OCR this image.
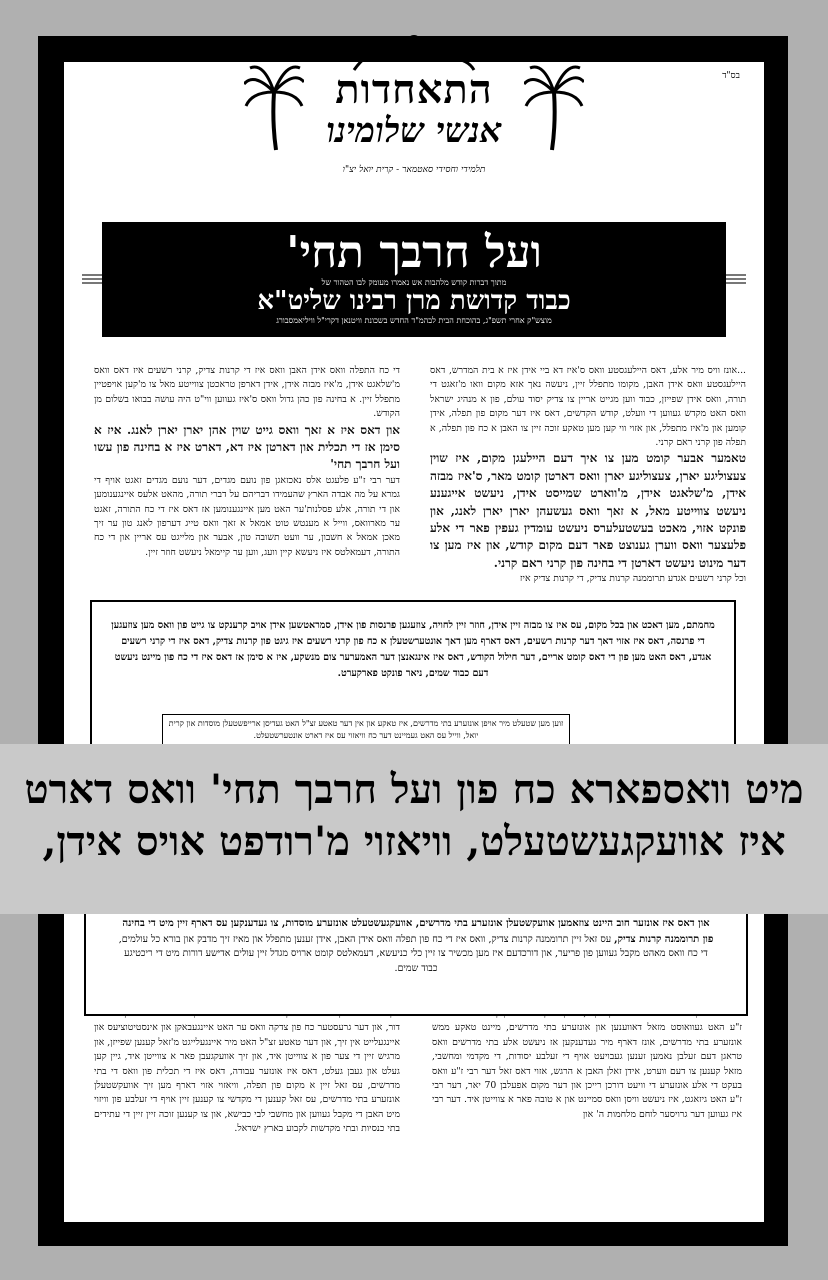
בס"ד
התאחדות
אנשי שלומינו
תלמידי וחסידי סאטמאר - קרית יואל יצ"ו
ועל חרבך תחי'
מתוך דברות קודש מלהבות אש נאמרו מעומק לבו הטהור של
כבוד קדושת מרן רבינו שליט"א
מוצש"ק אחרי תשפ"ג, בהוכחת הבית לבהמ"ד החדש בשכונת וויטנאן דקרי"ל וויליאמסבורג
...אונז וויס מיר אלע, דאס היילעגסטע וואס ס'איז דא ביי אידן איז א בית המדרש, דאס היילעגסטע וואס אידן האבן, מקומו מתפלל זיין, ניעשה נאך אזא מקום וואו מ'זאגט די תורה, וואס אידן שפייזן, כבוד ווען מגייט אריין צו צדיק יסוד עולם, פון א מנהיג ישראל וואס האט מקדש געווען די וועלט, קודש הקדשים, דאס איז דער מקום פון תפלה, אידן קומען און מ'איז מתפלל, און אזוי ווי קען מען טאקע זוכה זיין צו האבן א כח פון תפלה, א תפלה פון קרני ראם קרני.
טאמער אבער קומט מען צו איך דעם היילעגן מקום, איז שוין צעצוליגע יארן, צעצוליגע יארן וואס דארטן קומט מאר, ס'איז מבזה אידן, מ'שלאגט אידן, מ'ווארט שמייסט אידן, ניעשט אייגענע ניעשט צווייטע מאל, א זאך וואס געשעהן יארן יארן לאנג, און פונקט אזוי, מאכט בעשטעלערס ניעשט עומדין געפין פאר די אלע פלעצער וואס ווערן גענוצט פאר דעם מקום קודש, און איז מען צו דער מינוט ניעשט דארטן די בחינה פון קרני ראם קרני.
וכל קרני רשעים אגדע תרוממנה קרנות צדיק, די קרנות צדיק איז
די כח התפלה וואס אידן האבן וואס איז די קרנות צדיק, קרני רשעים איז דאס וואס מ'שלאגט אידן, מ'איז מבזה אידן, אידן דארפן טראכטן צווייטע מאל צו מ'קען אויפטיין מתפלל זיין. א בחינה פון כהן גדול וואס ס'איז געווען ווי"ט היה עושה בבואו בשלום מן הקודש.
און דאס איז א זאך וואס גייט שוין אהן יארן יארן לאנג. איז א סימן אז די תכלית און דארטן איז דא, דארט איז א בחינה פון עשו ועל חרבך תחי'
דער רבי ז"ע פלעגט אלס נאכזאגן פון נועם מגדים, דער נועם מגדים זאגט אויף די גמרא על מה אבדה הארץ שהעמידו דבריהם על דברי תורה, מהאט אלעס איינגענומען און די תורה, אלע פסלנות'ער האט מען איינגענומען אז דאס איז די כח התורה, זאגט ער מארוואס, ווייל א מענטש טוט אמאל א זאך וואס טייג דערפון לאנג טון ער זיך מאכן אמאל א חשבון, ער וועט תשובה טון, אבער און מלייגט עס אריין און די כח התורה, דעמאלטס איז ניעשא קיין וועג, ווען ער קיימאל ניעשט חוזר זיין.
מחמתם, מען דאכט און בכל מקום, עס איז צו מבזה זיין אידן, חוזר זיין לחויה, צוזעגען פרנסות פון אידן, סמראטשען אידן אויב קרענקט צו גייט פון וואס מען צוזעגען די פרנסה, דאס איז אזוי דאך דער קרנות רשעים, דאס דארף מען דאך אונטערשטעלן א כח פון קרני רשעים איז גיגט פון קרנות צדיק, דאס איז די קרני רשעים אגדע, דאס האט מען פון די דאס קומט אריים, דער חילול הקודש, דאס איז אינגאנצן דער האמערער צום מנשקע, איז א סימן אז דאס איז די כח פון מיינט ניעשט דעם כבוד שמים, ניאר פונקט פארקערט.
זוען מען שטעלט מיר אויפן אונזערע בתי מדרשים, איז טאקע און אין דער טאטע זצ"ל האט געדיסן ארייפשטעלן מוסדות און קרית יואל, ווייל עס האט געמיינט דער כח וויאזוי עס איז דארט אונטערשטעלט.
ז"ע האט געוואוסט מזאל דאווענען און אונזערע בתי מדרשים, מיינט טאקע ממש אונזערע בתי מדרשים, אונז דארף מיר געדענקען אז ניעשט אלע בתי מדרשים וואס טראגן דעם זעלבן נאמען זענען געבויעט אויף די זעלבע יסודות, די מקדמי ומחשבי, מזאל קענען צו דעם ווערט, אידן זאלן האבן א הרגש, אזוי דאס זאל דער רבי ז"ע וואס בעקט די אלע אונזערע די וויעט דורכן רייכן און דער מקום אפעלבן 70 יאר, דער רבי ז"ע האט גיזאגט, איז ניעשט וויסן וואס סמיינט און א טובה פאר א צווייטן איד. דער רבי איז געווען דער גרויסער לוחם מלחמות ה' און
דור, און דער גרעסטער כח פון צדקה וואס ער האט איינגעבאקן און אינסטיטוציעס און איינגעלייט אין זיך, און דער טאטע זצ"ל האט מיר איינגעלייגט מ'זאל קענען שפייזן, און מרגיש זיין די צער פון א צווייטן איד, און זיך אוועקגעבן פאר א צווייטן איד, גיין קען געלט און געבן געלט, דאס איז אונזער עבודה, דאס איז די תכלית פון וואס די בתי מדרשים, עס זאל זיין א מקום פון תפלה, וויאזוי אזוי דארף מען זיך אוועקשטעלן אונזערע בתי מדרשים, עס זאל קענען די מקדשי צו קענען זיין אויף די זעלבע פון וויזוי מיט האבן די מקבל געווען און מחשבי לבי כבישא, און צו קענען זוכה זיין זיין די עתידים בתי כנסיות ובתי מקדשות לקבוע בארץ ישראל.
און דאס איז אונזער חוב היינט צוזאמען אוועקשטעלן אונזערע בתי מדרשים, אוועקגעשטעלט אונזערע מוסדות, צו געדענקען עס דארף זיין מיט די בחינה פון תרוממנה קרנות צדיק, עס זאל זיין תרוממנה קרנות צדיק, וואס איז די כח פון תפלה וואס אידן האבן, אידן זענען מתפלל און מאיז זיך מדבק און בורא כל עולמים, די כח וואס מאהט מקבל געווען פון פריער, און דורכדעם איז מען מכשיר צו זיין כלי כניעשא, דעמאלטס קומט ארויס מגדל זיין עולים אדישע דורות מיט די ריכטיגע כבוד שמים.
מיט וואספארא כח פון ועל חרבך תחי' וואס דארט
איז אוועקגעשטעלט, וויאזוי מ'רודפט אויס אידן,
